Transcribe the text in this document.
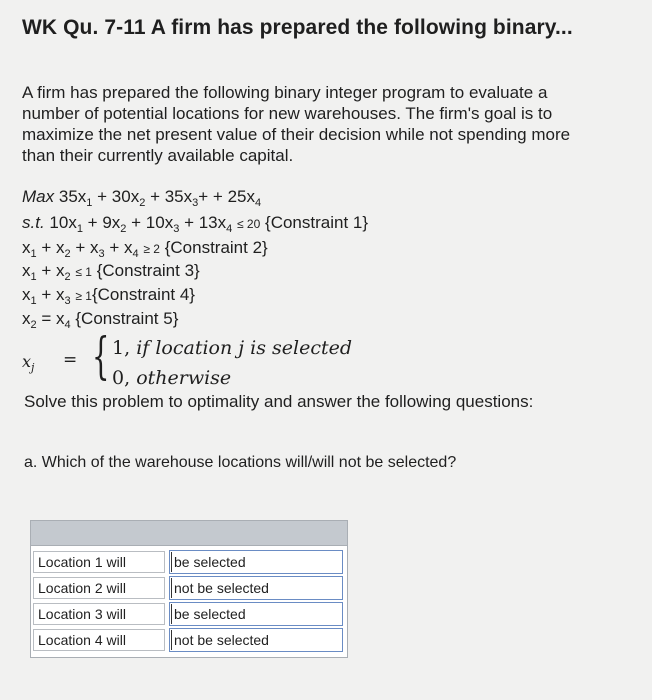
WK Qu. 7-11 A firm has prepared the following binary...
A firm has prepared the following binary integer program to evaluate a
number of potential locations for new warehouses. The firm's goal is to
maximize the net present value of their decision while not spending more
than their currently available capital.
Max $35x_1 + 30x_2 + 35x_3+ + 25x_4$
s.t. $10x_1 + 9x_2 + 10x_3 + 13x_4 \le 20$ {Constraint 1}
$x_1 + x_2 + x_3 + x_4 \ge 2$ {Constraint 2}
$x_1 + x_2 \le 1$ {Constraint 3}
$x_1 + x_3$ ≥ 1{Constraint 4}
$x_2 = x_4$ {Constraint 5}
$x_j$ = { 1, if location j is selected
0, otherwise
Solve this problem to optimality and answer the following questions:
a. Which of the warehouse locations will/will not be selected?
Location 1 will	be selected
Location 2 will	not be selected
Location 3 will	be selected
Location 4 will	not be selected
